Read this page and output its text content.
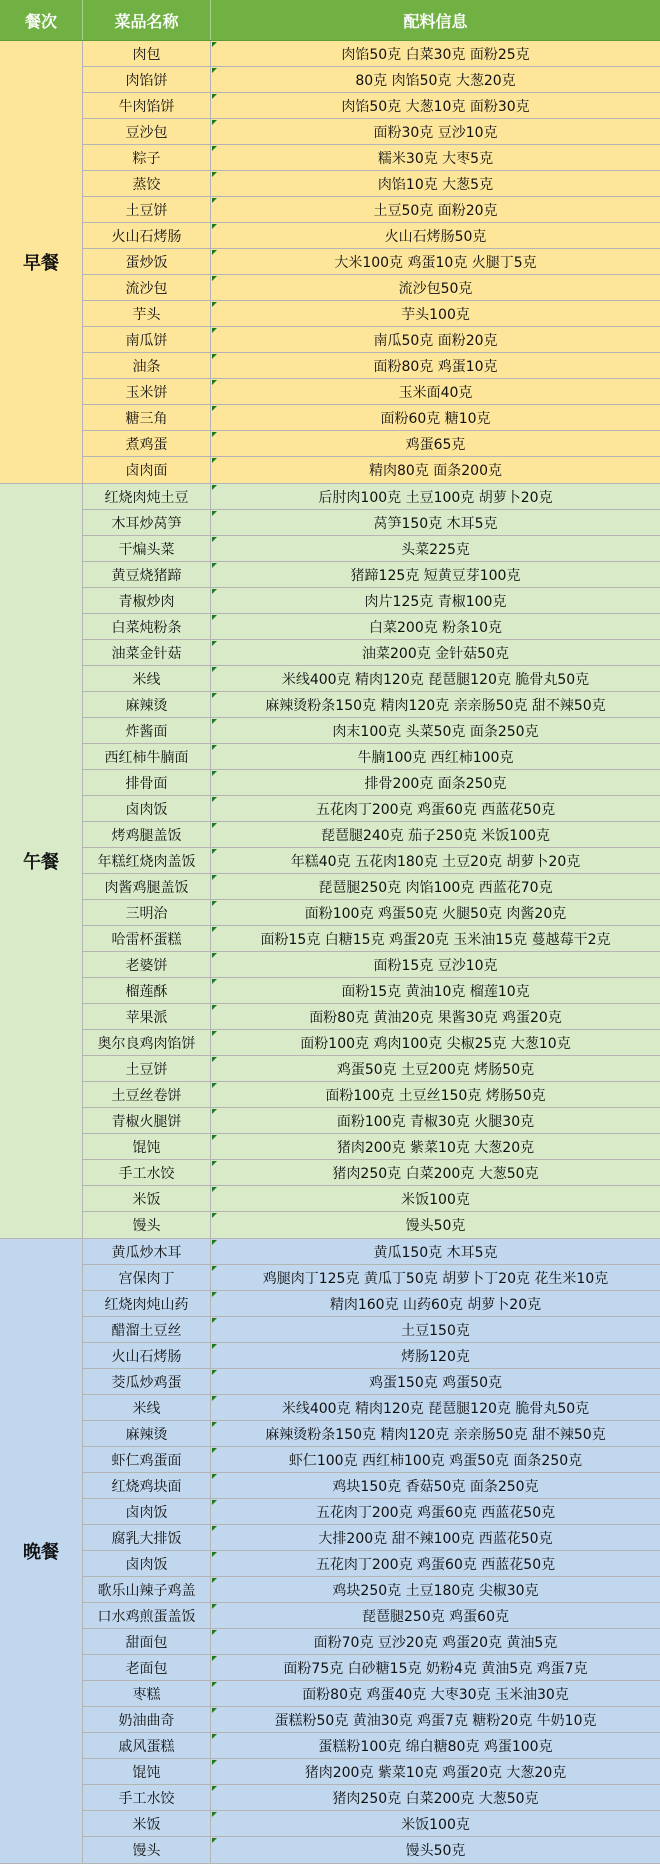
餐次	菜品名称	配料信息
早餐
肉包	肉馅50克 白菜30克 面粉25克
肉馅饼	80克 肉馅50克 大葱20克
牛肉馅饼	肉馅50克 大葱10克 面粉30克
豆沙包	面粉30克 豆沙10克
粽子	糯米30克 大枣5克
蒸饺	肉馅10克 大葱5克
土豆饼	土豆50克 面粉20克
火山石烤肠	火山石烤肠50克
蛋炒饭	大米100克 鸡蛋10克 火腿丁5克
流沙包	流沙包50克
芋头	芋头100克
南瓜饼	南瓜50克 面粉20克
油条	面粉80克 鸡蛋10克
玉米饼	玉米面40克
糖三角	面粉60克 糖10克
煮鸡蛋	鸡蛋65克
卤肉面	精肉80克 面条200克
午餐
红烧肉炖土豆	后肘肉100克 土豆100克 胡萝卜20克
木耳炒莴笋	莴笋150克 木耳5克
干煸头菜	头菜225克
黄豆烧猪蹄	猪蹄125克 短黄豆芽100克
青椒炒肉	肉片125克 青椒100克
白菜炖粉条	白菜200克 粉条10克
油菜金针菇	油菜200克 金针菇50克
米线	米线400克 精肉120克 琵琶腿120克 脆骨丸50克
麻辣烫	麻辣烫粉条150克 精肉120克 亲亲肠50克 甜不辣50克
炸酱面	肉末100克 头菜50克 面条250克
西红柿牛腩面	牛腩100克 西红柿100克
排骨面	排骨200克 面条250克
卤肉饭	五花肉丁200克 鸡蛋60克 西蓝花50克
烤鸡腿盖饭	琵琶腿240克 茄子250克 米饭100克
年糕红烧肉盖饭	年糕40克 五花肉180克 土豆20克 胡萝卜20克
肉酱鸡腿盖饭	琵琶腿250克 肉馅100克 西蓝花70克
三明治	面粉100克 鸡蛋50克 火腿50克 肉酱20克
哈雷杯蛋糕	面粉15克 白糖15克 鸡蛋20克 玉米油15克 蔓越莓干2克
老婆饼	面粉15克 豆沙10克
榴莲酥	面粉15克 黄油10克 榴莲10克
苹果派	面粉80克 黄油20克 果酱30克 鸡蛋20克
奥尔良鸡肉馅饼	面粉100克 鸡肉100克 尖椒25克 大葱10克
土豆饼	鸡蛋50克 土豆200克 烤肠50克
土豆丝卷饼	面粉100克 土豆丝150克 烤肠50克
青椒火腿饼	面粉100克 青椒30克 火腿30克
馄饨	猪肉200克 紫菜10克 大葱20克
手工水饺	猪肉250克 白菜200克 大葱50克
米饭	米饭100克
馒头	馒头50克
晚餐
黄瓜炒木耳	黄瓜150克 木耳5克
宫保肉丁	鸡腿肉丁125克 黄瓜丁50克 胡萝卜丁20克 花生米10克
红烧肉炖山药	精肉160克 山药60克 胡萝卜20克
醋溜土豆丝	土豆150克
火山石烤肠	烤肠120克
茭瓜炒鸡蛋	鸡蛋150克 鸡蛋50克
米线	米线400克 精肉120克 琵琶腿120克 脆骨丸50克
麻辣烫	麻辣烫粉条150克 精肉120克 亲亲肠50克 甜不辣50克
虾仁鸡蛋面	虾仁100克 西红柿100克 鸡蛋50克 面条250克
红烧鸡块面	鸡块150克 香菇50克 面条250克
卤肉饭	五花肉丁200克 鸡蛋60克 西蓝花50克
腐乳大排饭	大排200克 甜不辣100克 西蓝花50克
卤肉饭	五花肉丁200克 鸡蛋60克 西蓝花50克
歌乐山辣子鸡盖	鸡块250克 土豆180克 尖椒30克
口水鸡煎蛋盖饭	琵琶腿250克 鸡蛋60克
甜面包	面粉70克 豆沙20克 鸡蛋20克 黄油5克
老面包	面粉75克 白砂糖15克 奶粉4克 黄油5克 鸡蛋7克
枣糕	面粉80克 鸡蛋40克 大枣30克 玉米油30克
奶油曲奇	蛋糕粉50克 黄油30克 鸡蛋7克 糖粉20克 牛奶10克
戚风蛋糕	蛋糕粉100克 绵白糖80克 鸡蛋100克
馄饨	猪肉200克 紫菜10克 鸡蛋20克 大葱20克
手工水饺	猪肉250克 白菜200克 大葱50克
米饭	米饭100克
馒头	馒头50克
